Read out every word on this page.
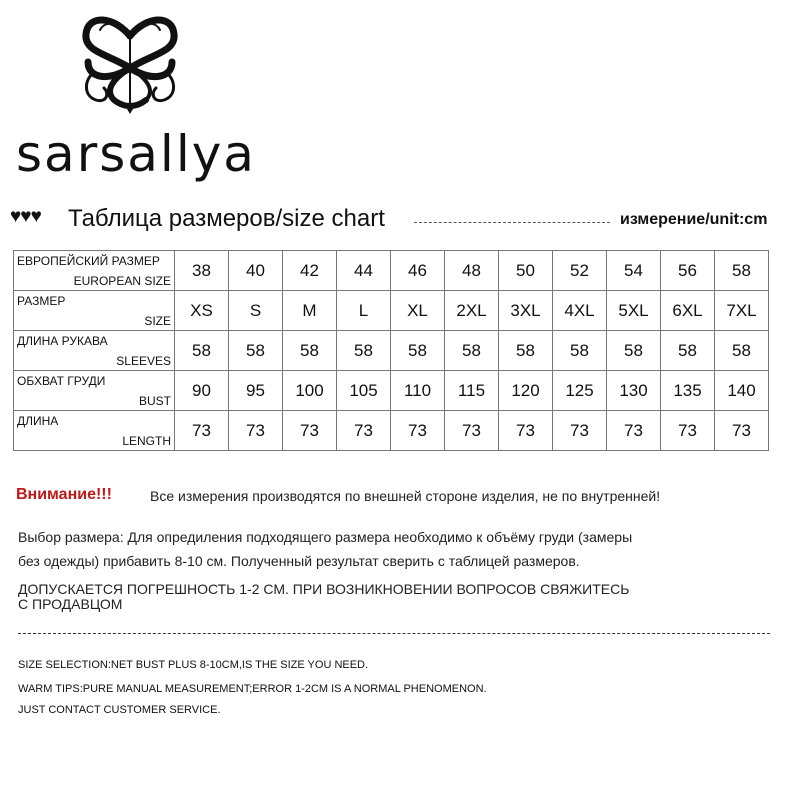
sarsallya
♥♥♥ Таблица размеров/size chart	измерение/unit:cm
ЕВРОПЕЙСКИЙ РАЗМЕР
EUROPEAN SIZE	38	40	42	44	46	48	50	52	54	56	58

РАЗМЕР
SIZE	XS	S	M	L	XL	2XL	3XL	4XL	5XL	6XL	7XL

ДЛИНА РУКАВА
SLEEVES	58	58	58	58	58	58	58	58	58	58	58

ОБХВАТ ГРУДИ
BUST	90	95	100	105	110	115	120	125	130	135	140

ДЛИНА
LENGTH	73	73	73	73	73	73	73	73	73	73	73
Внимание!!!	Все измерения производятся по внешней стороне изделия, не по внутренней!
Выбор размера: Для опредиления подходящего размера необходимо к объёму груди (замеры
без одежды) прибавить 8-10 см. Полученный результат сверить с таблицей размеров.
ДОПУСКАЕТСЯ ПОГРЕШНОСТЬ 1-2 СМ. ПРИ ВОЗНИКНОВЕНИИ ВОПРОСОВ СВЯЖИТЕСЬ
С ПРОДАВЦОМ
SIZE SELECTION:NET BUST PLUS 8-10CM,IS THE SIZE YOU NEED.
WARM TIPS:PURE MANUAL MEASUREMENT;ERROR 1-2CM IS A NORMAL PHENOMENON.
JUST CONTACT CUSTOMER SERVICE.
